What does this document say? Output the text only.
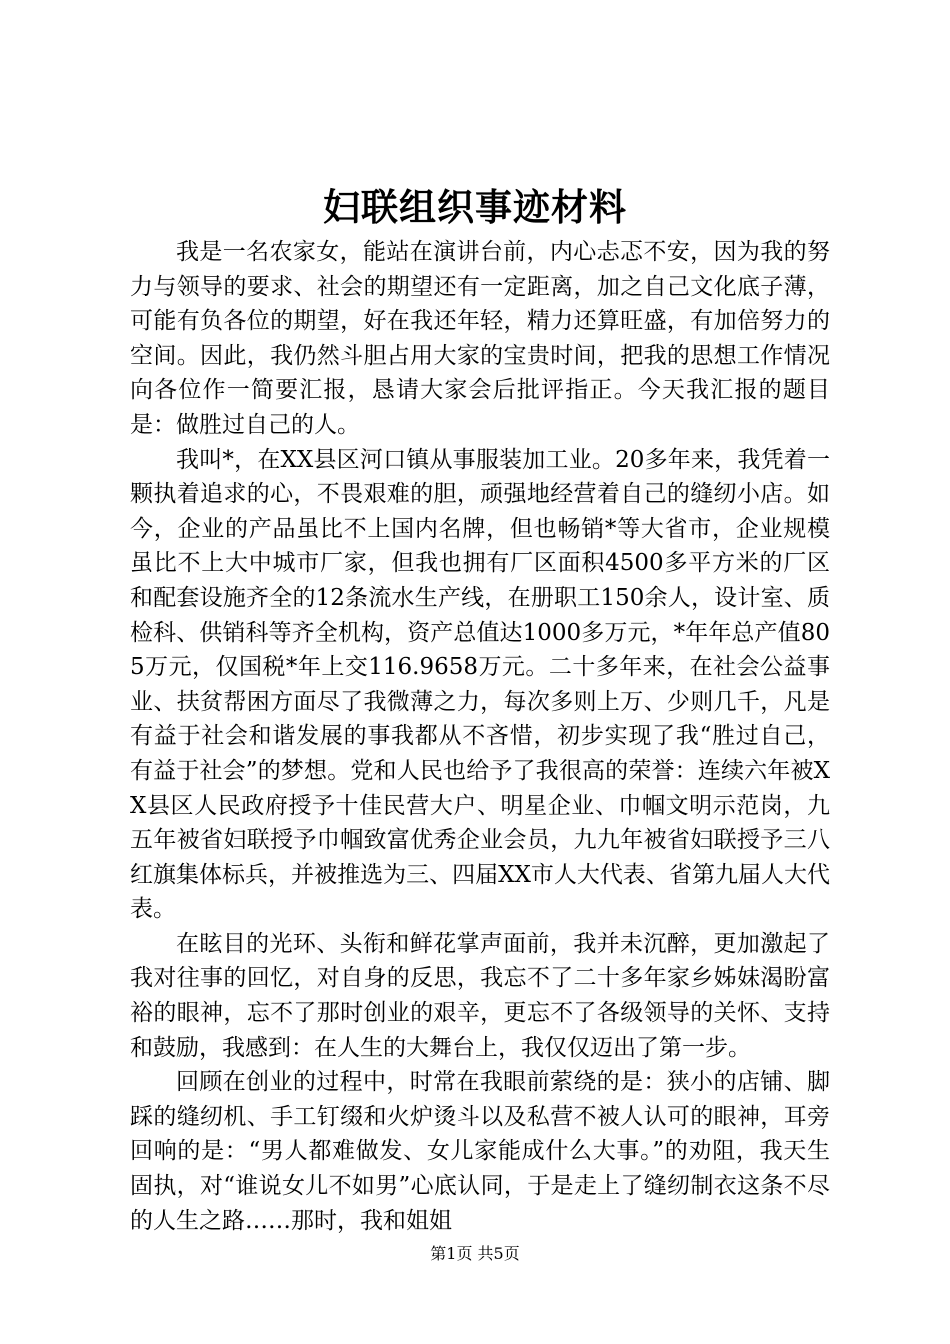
妇联组织事迹材料

我是一名农家女，能站在演讲台前，内心忐忑不安，因为我的努力与领导的要求、社会的期望还有一定距离，加之自己文化底子薄，可能有负各位的期望，好在我还年轻，精力还算旺盛，有加倍努力的空间。因此，我仍然斗胆占用大家的宝贵时间，把我的思想工作情况向各位作一简要汇报，恳请大家会后批评指正。今天我汇报的题目是：做胜过自己的人。

我叫*，在XX县区河口镇从事服装加工业。20多年来，我凭着一颗执着追求的心，不畏艰难的胆，顽强地经营着自己的缝纫小店。如今，企业的产品虽比不上国内名牌，但也畅销*等大省市，企业规模虽比不上大中城市厂家，但我也拥有厂区面积4500多平方米的厂区和配套设施齐全的12条流水生产线，在册职工150余人，设计室、质检科、供销科等齐全机构，资产总值达1000多万元，*年年总产值805万元，仅国税*年上交116.9658万元。二十多年来，在社会公益事业、扶贫帮困方面尽了我微薄之力，每次多则上万、少则几千，凡是有益于社会和谐发展的事我都从不吝惜，初步实现了我“胜过自己，有益于社会”的梦想。党和人民也给予了我很高的荣誉：连续六年被XX县区人民政府授予十佳民营大户、明星企业、巾帼文明示范岗，九五年被省妇联授予巾帼致富优秀企业会员，九九年被省妇联授予三八红旗集体标兵，并被推选为三、四届XX市人大代表、省第九届人大代表。

在眩目的光环、头衔和鲜花掌声面前，我并未沉醉，更加激起了我对往事的回忆，对自身的反思，我忘不了二十多年家乡姊妹渴盼富裕的眼神，忘不了那时创业的艰辛，更忘不了各级领导的关怀、支持和鼓励，我感到：在人生的大舞台上，我仅仅迈出了第一步。

回顾在创业的过程中，时常在我眼前萦绕的是：狭小的店铺、脚踩的缝纫机、手工钉缀和火炉烫斗以及私营不被人认可的眼神，耳旁回响的是：“男人都难做发、女儿家能成什么大事。”的劝阻，我天生固执，对“谁说女儿不如男”心底认同，于是走上了缝纫制衣这条不尽的人生之路……那时，我和姐姐

第1页 共5页
